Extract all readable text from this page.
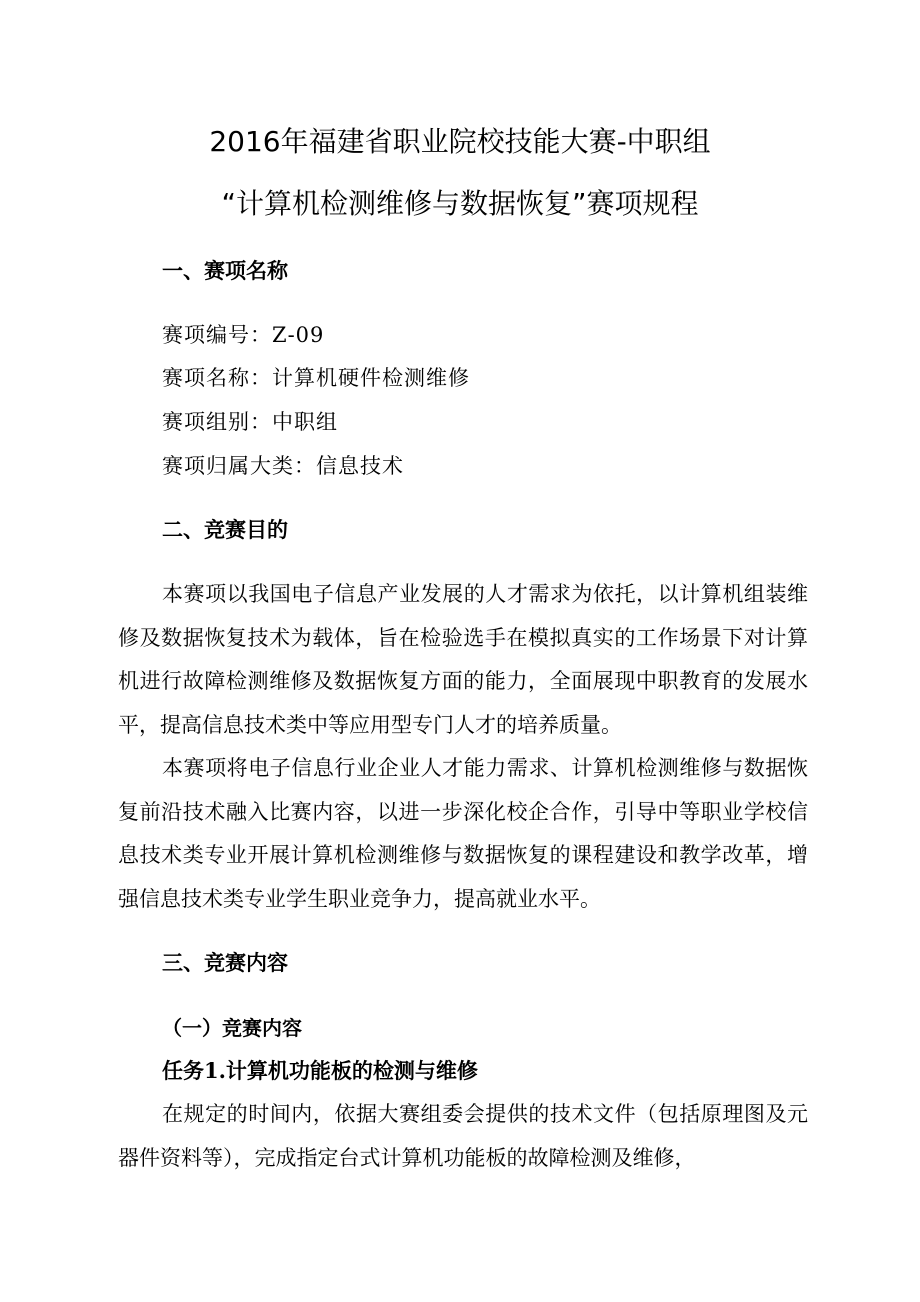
2016年福建省职业院校技能大赛-中职组
“计算机检测维修与数据恢复”赛项规程
一、赛项名称
赛项编号：Z-09
赛项名称：计算机硬件检测维修
赛项组别：中职组
赛项归属大类：信息技术
二、竞赛目的
本赛项以我国电子信息产业发展的人才需求为依托，以计算机组装维修及数据恢复技术为载体，旨在检验选手在模拟真实的工作场景下对计算机进行故障检测维修及数据恢复方面的能力，全面展现中职教育的发展水平，提高信息技术类中等应用型专门人才的培养质量。
本赛项将电子信息行业企业人才能力需求、计算机检测维修与数据恢复前沿技术融入比赛内容，以进一步深化校企合作，引导中等职业学校信息技术类专业开展计算机检测维修与数据恢复的课程建设和教学改革，增强信息技术类专业学生职业竞争力，提高就业水平。
三、竞赛内容
（一）竞赛内容
任务1.计算机功能板的检测与维修
在规定的时间内，依据大赛组委会提供的技术文件（包括原理图及元器件资料等），完成指定台式计算机功能板的故障检测及维修，
